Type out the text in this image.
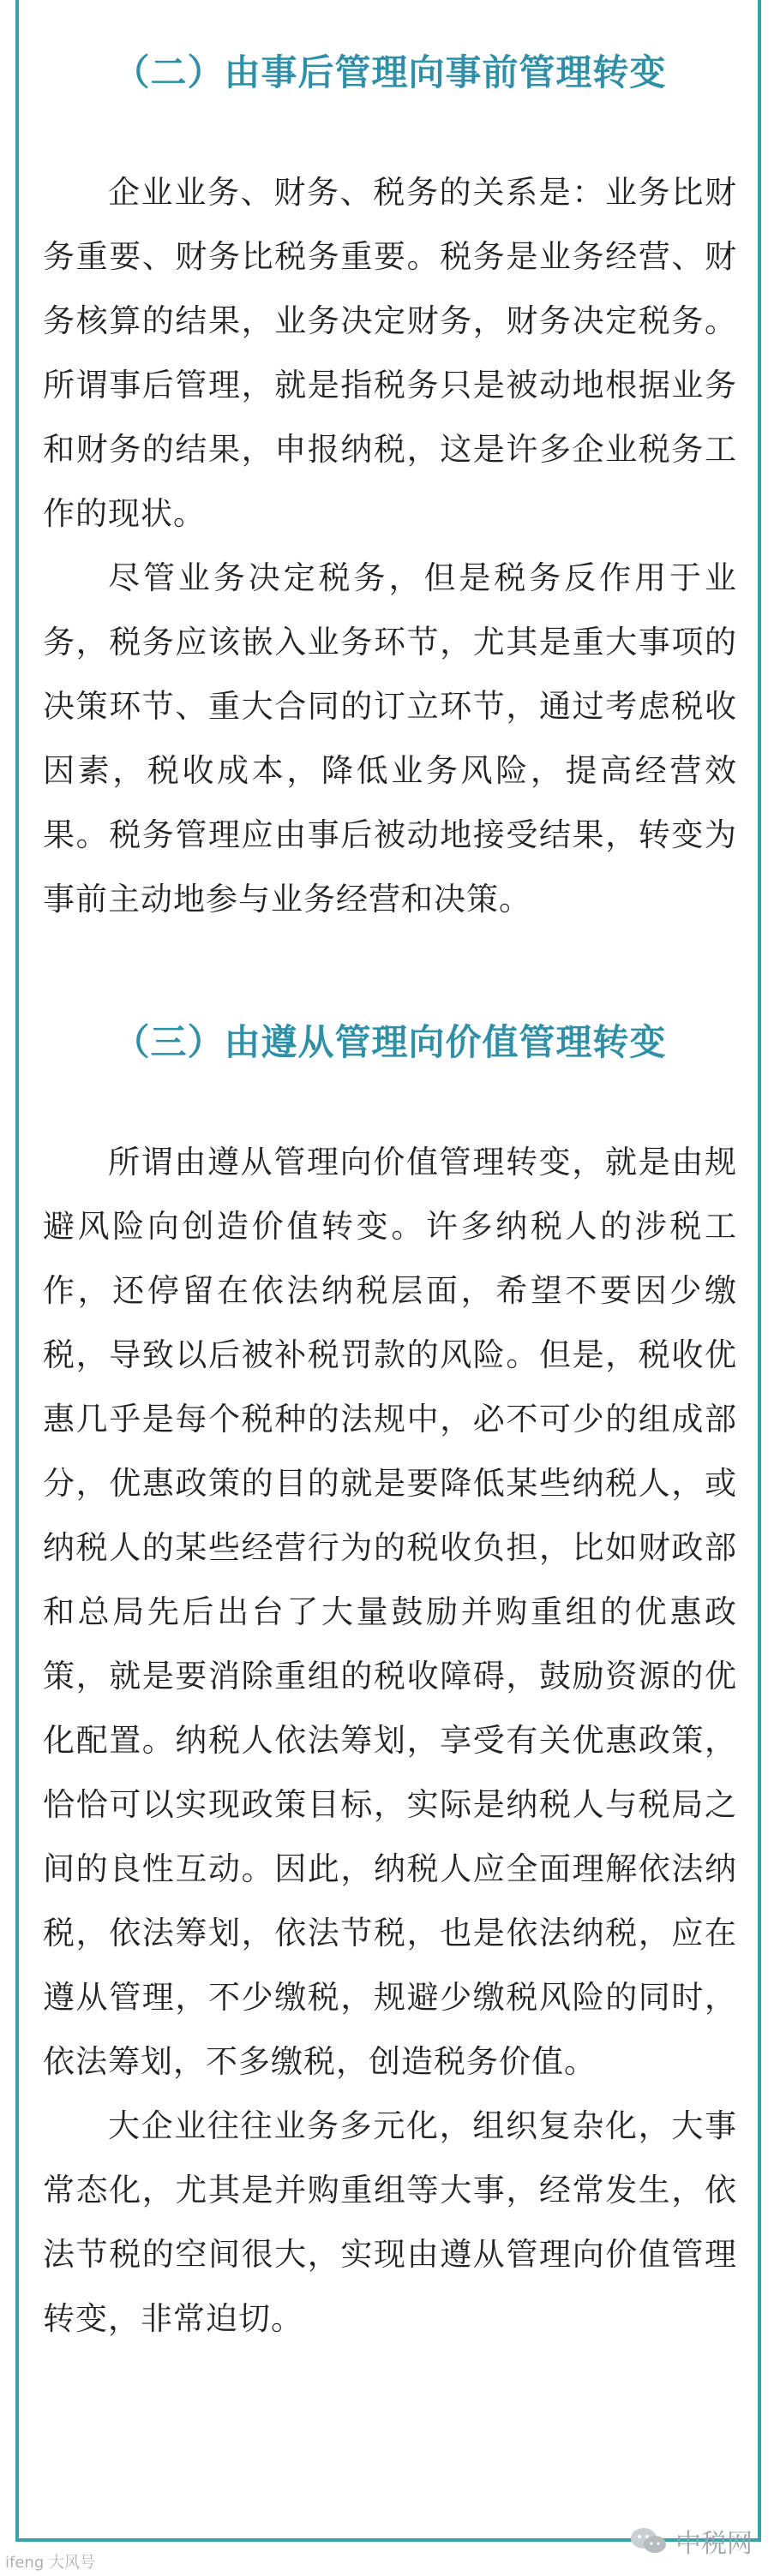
（二）由事后管理向事前管理转变

企业业务、财务、税务的关系是：业务比财务重要、财务比税务重要。税务是业务经营、财务核算的结果，业务决定财务，财务决定税务。所谓事后管理，就是指税务只是被动地根据业务和财务的结果，申报纳税，这是许多企业税务工作的现状。

尽管业务决定税务，但是税务反作用于业务，税务应该嵌入业务环节，尤其是重大事项的决策环节、重大合同的订立环节，通过考虑税收因素，税收成本，降低业务风险，提高经营效果。税务管理应由事后被动地接受结果，转变为事前主动地参与业务经营和决策。

（三）由遵从管理向价值管理转变

所谓由遵从管理向价值管理转变，就是由规避风险向创造价值转变。许多纳税人的涉税工作，还停留在依法纳税层面，希望不要因少缴税，导致以后被补税罚款的风险。但是，税收优惠几乎是每个税种的法规中，必不可少的组成部分，优惠政策的目的就是要降低某些纳税人，或纳税人的某些经营行为的税收负担，比如财政部和总局先后出台了大量鼓励并购重组的优惠政策，就是要消除重组的税收障碍，鼓励资源的优化配置。纳税人依法筹划，享受有关优惠政策，恰恰可以实现政策目标，实际是纳税人与税局之间的良性互动。因此，纳税人应全面理解依法纳税，依法筹划，依法节税，也是依法纳税，应在遵从管理，不少缴税，规避少缴税风险的同时，依法筹划，不多缴税，创造税务价值。

大企业往往业务多元化，组织复杂化，大事常态化，尤其是并购重组等大事，经常发生，依法节税的空间很大，实现由遵从管理向价值管理转变，非常迫切。

中税网
ifeng 大风号
